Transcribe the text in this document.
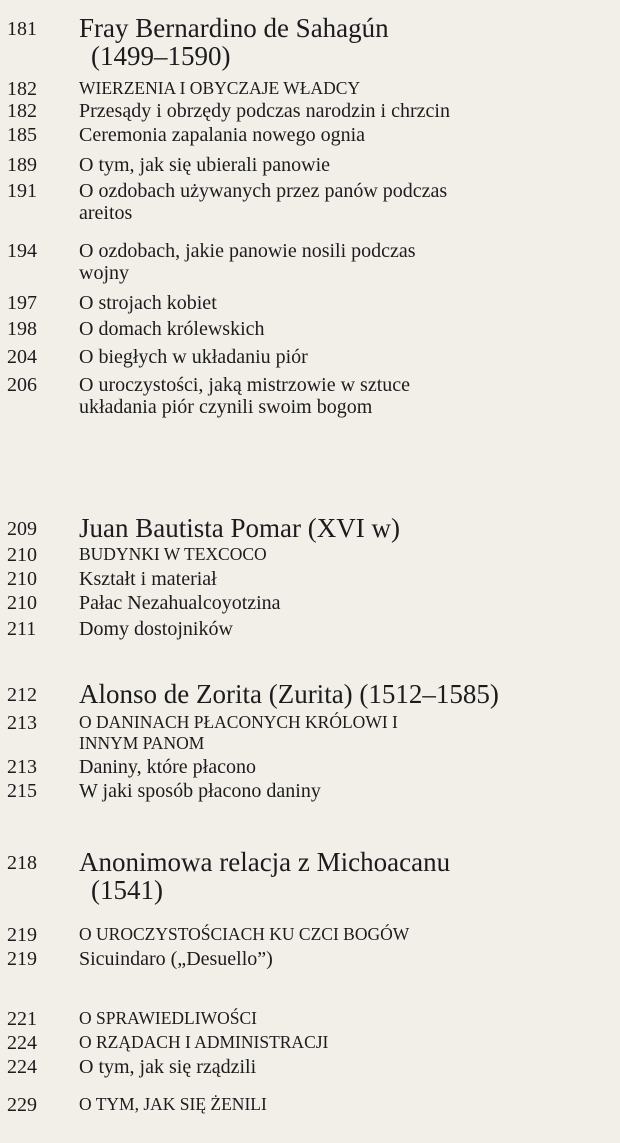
181 Fray Bernardino de Sahagún
(1499–1590)
182 WIERZENIA I OBYCZAJE WŁADCY
182 Przesądy i obrzędy podczas narodzin i chrzcin
185 Ceremonia zapalania nowego ognia
189 O tym, jak się ubierali panowie
191 O ozdobach używanych przez panów podczas
areitos
194 O ozdobach, jakie panowie nosili podczas
wojny
197 O strojach kobiet
198 O domach królewskich
204 O biegłych w układaniu piór
206 O uroczystości, jaką mistrzowie w sztuce
układania piór czynili swoim bogom
209 Juan Bautista Pomar (XVI w)
210 BUDYNKI W TEXCOCO
210 Kształt i materiał
210 Pałac Nezahualcoyotzina
211 Domy dostojników
212 Alonso de Zorita (Zurita) (1512–1585)
213 O DANINACH PŁACONYCH KRÓLOWI I
INNYM PANOM
213 Daniny, które płacono
215 W jaki sposób płacono daniny
218 Anonimowa relacja z Michoacanu
(1541)
219 O UROCZYSTOŚCIACH KU CZCI BOGÓW
219 Sicuindaro („Desuello”)
221 O SPRAWIEDLIWOŚCI
224 O RZĄDACH I ADMINISTRACJI
224 O tym, jak się rządzili
229 O TYM, JAK SIĘ ŻENILI
